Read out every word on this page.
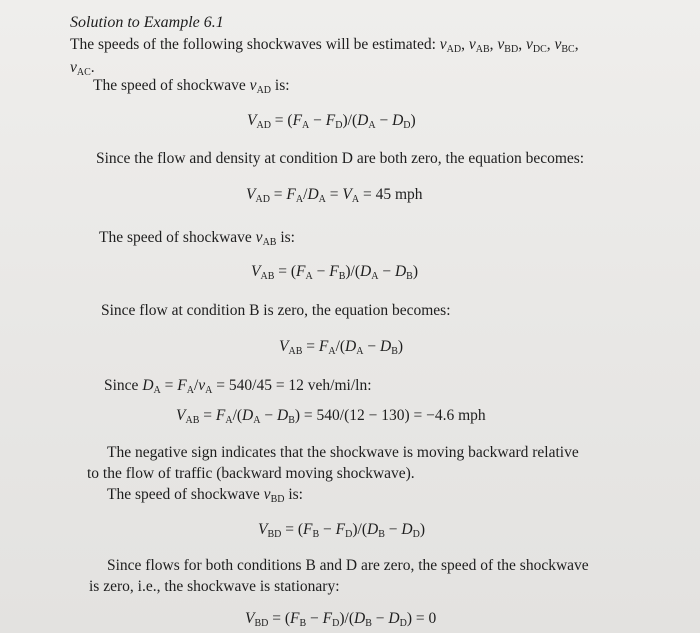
Solution to Example 6.1
The speeds of the following shockwaves will be estimated: $v_{AD}$, $v_{AB}$, $v_{BD}$, $v_{DC}$, $v_{BC}$,
$v_{AC}$.
The speed of shockwave $v_{AD}$ is:
$V_{AD} = (F_A - F_D)/(D_A - D_D)$
Since the flow and density at condition D are both zero, the equation becomes:
$V_{AD} = F_A/D_A = V_A = 45$ mph
The speed of shockwave $v_{AB}$ is:
$V_{AB} = (F_A - F_B)/(D_A - D_B)$
Since flow at condition B is zero, the equation becomes:
$V_{AB} = F_A/(D_A - D_B)$
Since $D_A = F_A/v_A = 540/45 = 12$ veh/mi/ln:
$V_{AB} = F_A/(D_A - D_B) = 540/(12 - 130) = -4.6$ mph
The negative sign indicates that the shockwave is moving backward relative
to the flow of traffic (backward moving shockwave).
The speed of shockwave $v_{BD}$ is:
$V_{BD} = (F_B - F_D)/(D_B - D_D)$
Since flows for both conditions B and D are zero, the speed of the shockwave
is zero, i.e., the shockwave is stationary:
$V_{BD} = (F_B - F_D)/(D_B - D_D) = 0$
